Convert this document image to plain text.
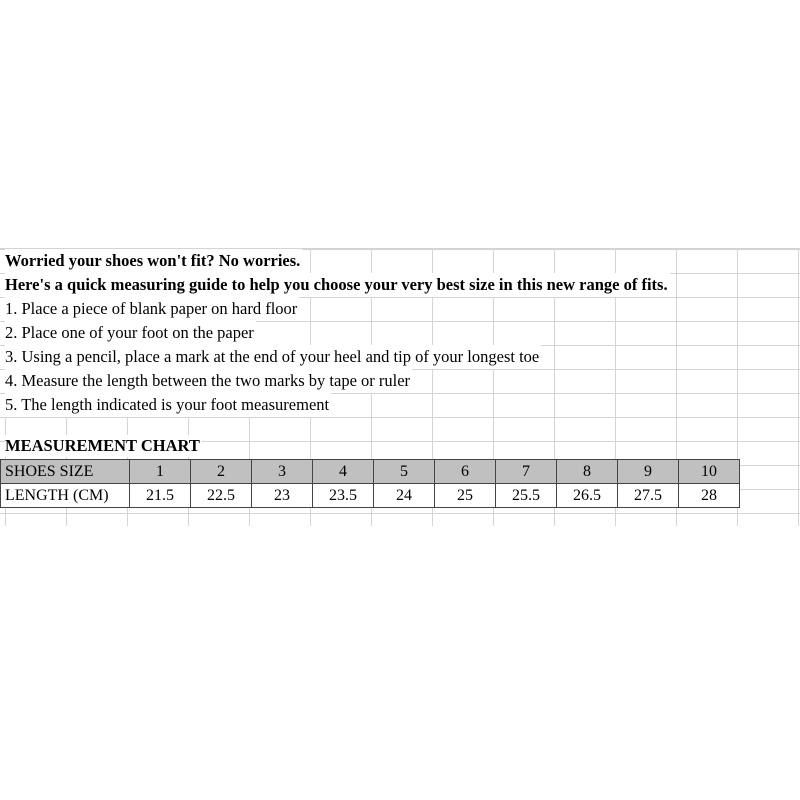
Worried your shoes won't fit? No worries.
Here's a quick measuring guide to help you choose your very best size in this new range of fits.
1. Place a piece of blank paper on hard floor
2. Place one of your foot on the paper
3. Using a pencil, place a mark at the end of your heel and tip of your longest toe
4. Measure the length between the two marks by tape or ruler
5. The length indicated is your foot measurement
MEASUREMENT CHART
SHOES SIZE	1	2	3	4	5	6	7	8	9	10
LENGTH (CM)	21.5	22.5	23	23.5	24	25	25.5	26.5	27.5	28
